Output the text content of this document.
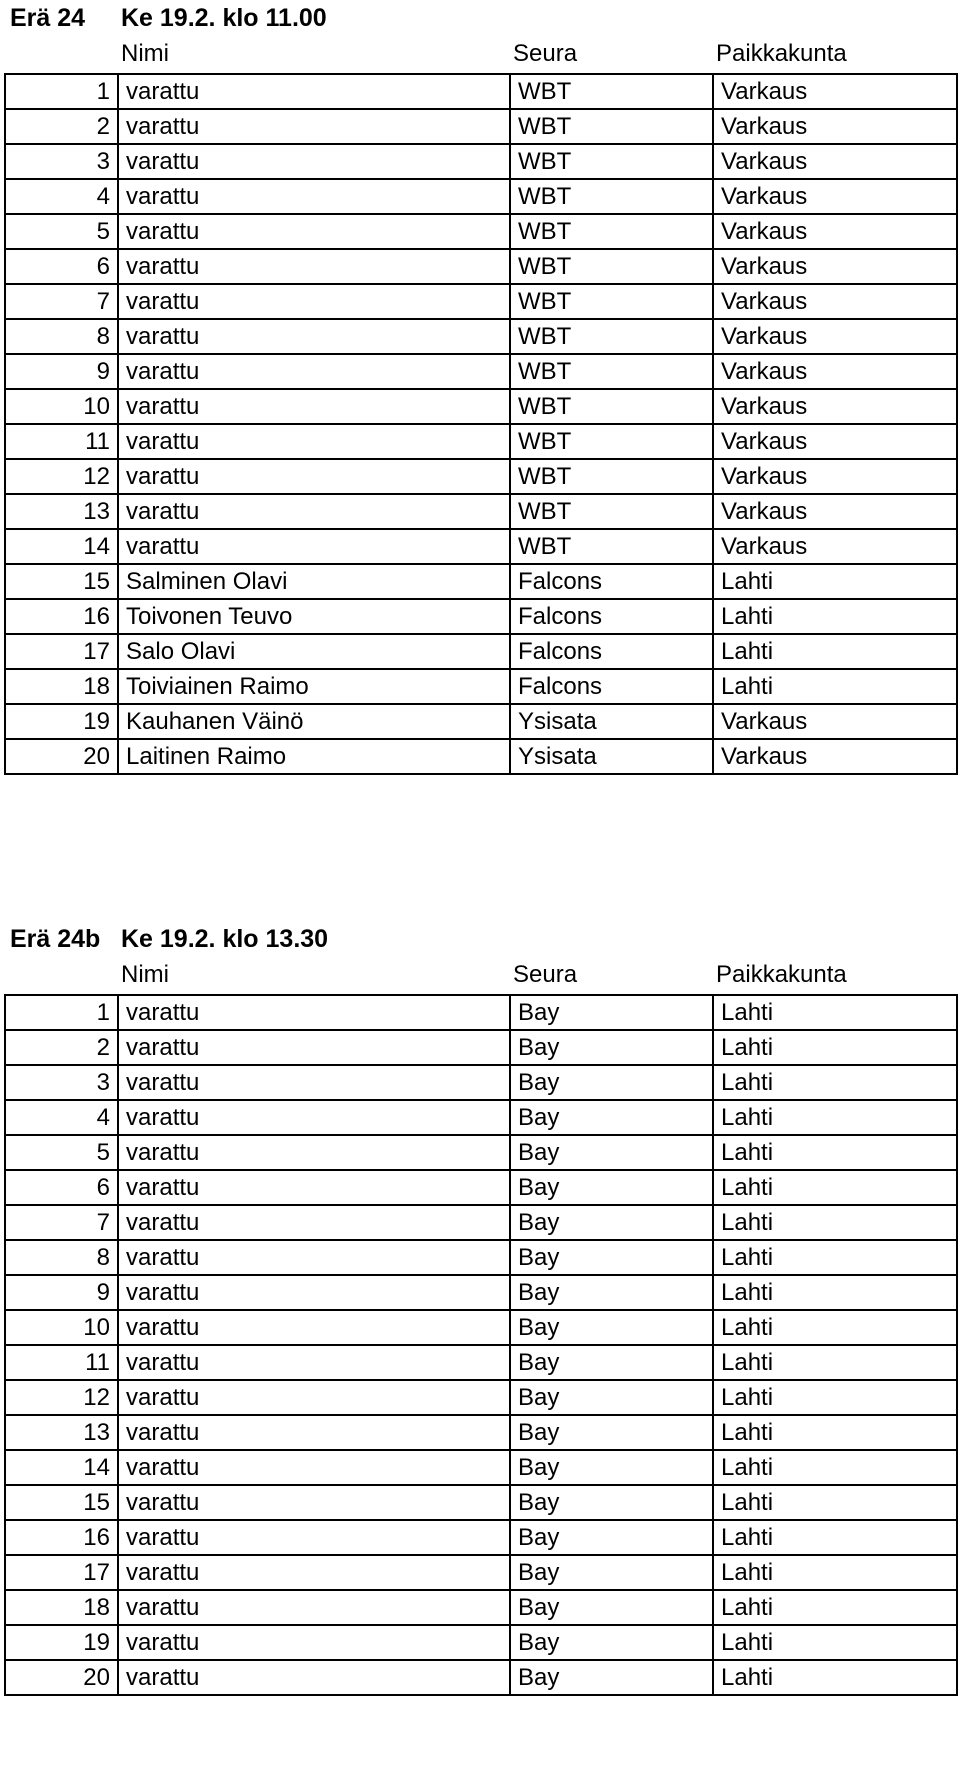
Erä 24 Ke 19.2. klo 11.00
Nimi	Seura	Paikkakunta
1	varattu	WBT	Varkaus
2	varattu	WBT	Varkaus
3	varattu	WBT	Varkaus
4	varattu	WBT	Varkaus
5	varattu	WBT	Varkaus
6	varattu	WBT	Varkaus
7	varattu	WBT	Varkaus
8	varattu	WBT	Varkaus
9	varattu	WBT	Varkaus
10	varattu	WBT	Varkaus
11	varattu	WBT	Varkaus
12	varattu	WBT	Varkaus
13	varattu	WBT	Varkaus
14	varattu	WBT	Varkaus
15	Salminen Olavi	Falcons	Lahti
16	Toivonen Teuvo	Falcons	Lahti
17	Salo Olavi	Falcons	Lahti
18	Toiviainen Raimo	Falcons	Lahti
19	Kauhanen Väinö	Ysisata	Varkaus
20	Laitinen Raimo	Ysisata	Varkaus
Erä 24b Ke 19.2. klo 13.30
Nimi	Seura	Paikkakunta
1	varattu	Bay	Lahti
2	varattu	Bay	Lahti
3	varattu	Bay	Lahti
4	varattu	Bay	Lahti
5	varattu	Bay	Lahti
6	varattu	Bay	Lahti
7	varattu	Bay	Lahti
8	varattu	Bay	Lahti
9	varattu	Bay	Lahti
10	varattu	Bay	Lahti
11	varattu	Bay	Lahti
12	varattu	Bay	Lahti
13	varattu	Bay	Lahti
14	varattu	Bay	Lahti
15	varattu	Bay	Lahti
16	varattu	Bay	Lahti
17	varattu	Bay	Lahti
18	varattu	Bay	Lahti
19	varattu	Bay	Lahti
20	varattu	Bay	Lahti
